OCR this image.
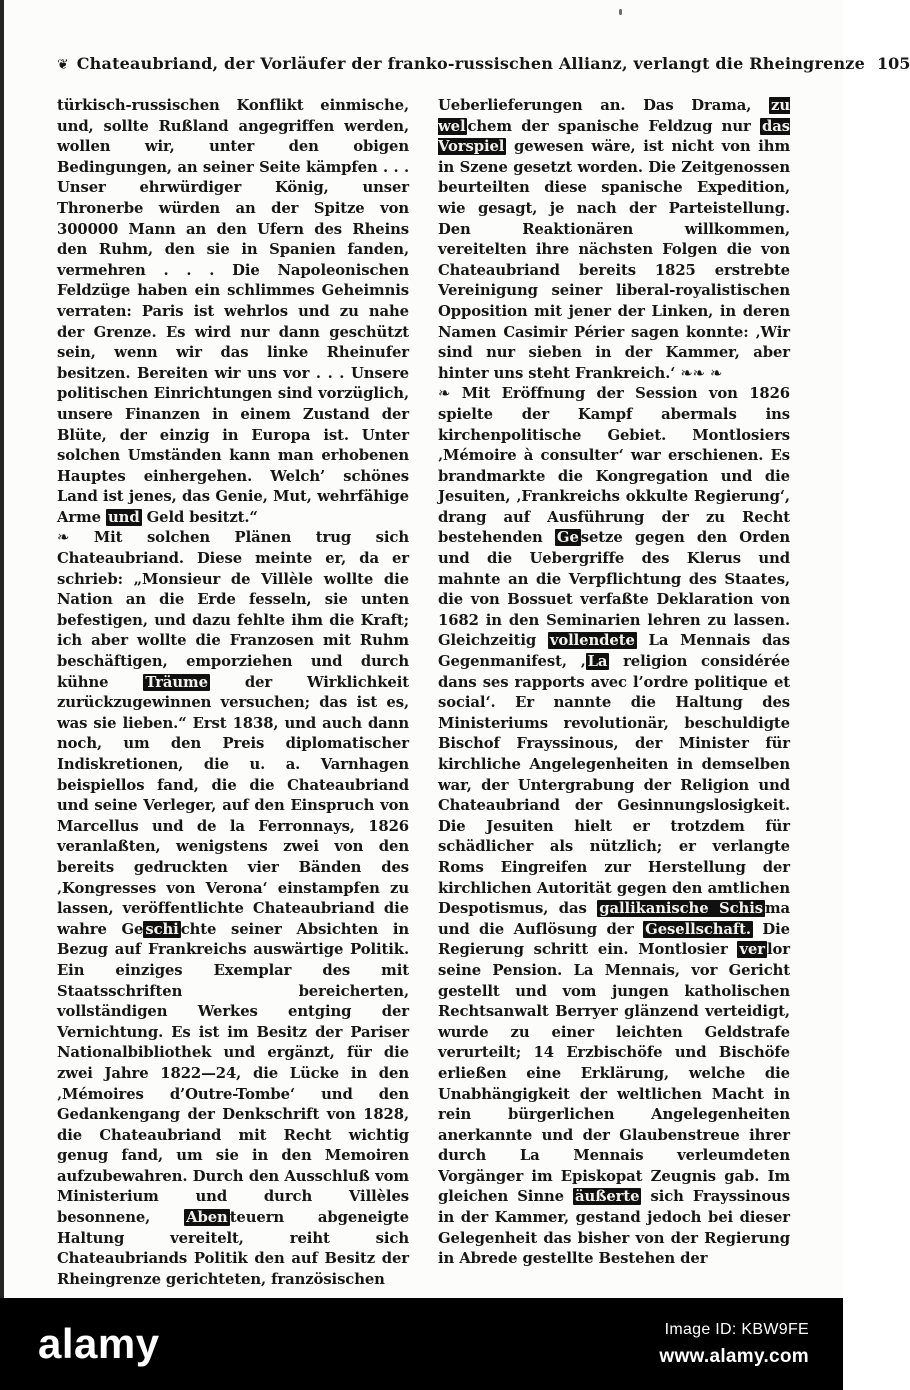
❦ Chateaubriand, der Vorläufer der franko-russischen Allianz, verlangt die Rheingrenze 105

türkisch-russischen Konflikt einmische, und, sollte Rußland angegriffen werden, wollen wir, unter den obigen Bedingungen, an seiner Seite kämpfen . . . Unser ehrwürdiger König, unser Thronerbe würden an der Spitze von 300000 Mann an den Ufern des Rheins den Ruhm, den sie in Spanien fanden, vermehren . . . Die Napoleonischen Feldzüge haben ein schlimmes Geheimnis verraten: Paris ist wehrlos und zu nahe der Grenze. Es wird nur dann geschützt sein, wenn wir das linke Rheinufer besitzen. Bereiten wir uns vor . . . Unsere politischen Einrichtungen sind vorzüglich, unsere Finanzen in einem Zustand der Blüte, der einzig in Europa ist. Unter solchen Umständen kann man erhobenen Hauptes einhergehen. Welch’ schönes Land ist jenes, das Genie, Mut, wehrfähige Arme und Geld besitzt.“

❧ Mit solchen Plänen trug sich Chateaubriand. Diese meinte er, da er schrieb: „Monsieur de Villèle wollte die Nation an die Erde fesseln, sie unten befestigen, und dazu fehlte ihm die Kraft; ich aber wollte die Franzosen mit Ruhm beschäftigen, emporziehen und durch kühne Träume der Wirklichkeit zurückzugewinnen versuchen; das ist es, was sie lieben.“ Erst 1838, und auch dann noch, um den Preis diplomatischer Indiskretionen, die u. a. Varnhagen beispiellos fand, die die Chateaubriand und seine Verleger, auf den Einspruch von Marcellus und de la Ferronnays, 1826 veranlaßten, wenigstens zwei von den bereits gedruckten vier Bänden des ‚Kongresses von Verona‘ einstampfen zu lassen, veröffentlichte Chateaubriand die wahre Ge schi chte seiner Absichten in Bezug auf Frankreichs auswärtige Politik. Ein einziges Exemplar des mit Staatsschriften bereicherten, vollständigen Werkes entging der Vernichtung. Es ist im Besitz der Pariser Nationalbibliothek und ergänzt, für die zwei Jahre 1822—24, die Lücke in den ‚Mémoires d’Outre-Tombe‘ und den Gedankengang der Denkschrift von 1828, die Chateaubriand mit Recht wichtig genug fand, um sie in den Memoiren aufzubewahren. Durch den Ausschluß vom Ministerium und durch Villèles besonnene, Aben teuern abgeneigte Haltung vereitelt, reiht sich Chateaubriands Politik den auf Besitz der Rheingrenze gerichteten, französischen

Ueberlieferungen an. Das Drama, zu wel chem der spanische Feldzug nur das Vorspiel gewesen wäre, ist nicht von ihm in Szene gesetzt worden. Die Zeitgenossen beurteilten diese spanische Expedition, wie gesagt, je nach der Parteistellung. Den Reaktionären willkommen, vereitelten ihre nächsten Folgen die von Chateaubriand bereits 1825 erstrebte Vereinigung seiner liberal-royalistischen Opposition mit jener der Linken, in deren Namen Casimir Périer sagen konnte: ‚Wir sind nur sieben in der Kammer, aber hinter uns steht Frankreich.‘ ❧❧ ❧

❧ Mit Eröffnung der Session von 1826 spielte der Kampf abermals ins kirchenpolitische Gebiet. Montlosiers ‚Mémoire à consulter‘ war erschienen. Es brandmarkte die Kongregation und die Jesuiten, ‚Frankreichs okkulte Regierung‘, drang auf Ausführung der zu Recht bestehenden Ge setze gegen den Orden und die Uebergriffe des Klerus und mahnte an die Verpflichtung des Staates, die von Bossuet verfaßte Deklaration von 1682 in den Seminarien lehren zu lassen. Gleichzeitig vollendete La Mennais das Gegenmanifest, ‚ La religion considérée dans ses rapports avec l’ordre politique et social‘. Er nannte die Haltung des Ministeriums revolutionär, beschuldigte Bischof Frayssinous, der Minister für kirchliche Angelegenheiten in demselben war, der Untergrabung der Religion und Chateaubriand der Gesinnungslosigkeit. Die Jesuiten hielt er trotzdem für schädlicher als nützlich; er verlangte Roms Eingreifen zur Herstellung der kirchlichen Autorität gegen den amtlichen Despotismus, das gallikanische Schis ma und die Auflösung der Gesellschaft. Die Regierung schritt ein. Montlosier ver lor seine Pension. La Mennais, vor Gericht gestellt und vom jungen katholischen Rechtsanwalt Berryer glänzend verteidigt, wurde zu einer leichten Geldstrafe verurteilt; 14 Erzbischöfe und Bischöfe erließen eine Erklärung, welche die Unabhängigkeit der weltlichen Macht in rein bürgerlichen Angelegenheiten anerkannte und der Glaubenstreue ihrer durch La Mennais verleumdeten Vorgänger im Episkopat Zeugnis gab. Im gleichen Sinne äußerte sich Frayssinous in der Kammer, gestand jedoch bei dieser Gelegenheit das bisher von der Regierung in Abrede gestellte Bestehen der

alamy	Image ID: KBW9FE
www.alamy.com
